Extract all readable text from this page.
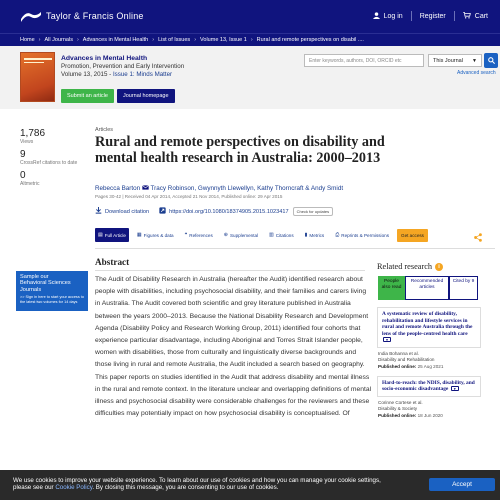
Taylor & Francis Online	Log in Register	Cart
Home › All Journals › Advances in Mental Health › List of Issues › Volume 13, Issue 1 › Rural and remote perspectives on disabil ....
Advances in Mental Health
Promotion, Prevention and Early Intervention
Volume 13, 2015 - Issue 1: Minds Matter
Submit an article	Journal homepage
Enter keywords, authors, DOI, ORCID etc	This Journal ▼
Advanced search
1,786
Views
9
CrossRef citations to date
0
Altmetric
Articles
Rural and remote perspectives on disability and mental health research in Australia: 2000–2013
Rebecca Barton Tracy Robinson, Gwynnyth Llewellyn, Kathy Thorncraft & Andy Smidt
Pages 30-42 | Received 04 Apr 2014, Accepted 21 Nov 2014, Published online: 29 Apr 2015
Download citation	https://doi.org/10.1080/18374905.2015.1023417	Check for updates
▤ Full Article ▦ Figures & data ❝ References ⊕ Supplemental ▥ Citations ▮ Metrics ⎙ Reprints & Permissions	Get access
Sample our
Behavioral Sciences
Journals
>> Sign in here to start your access to the latest two volumes for 14 days
Abstract

The Audit of Disability Research in Australia (hereafter the Audit) identified research about people with disabilities, including psychosocial disability, and their families and carers living in Australia. The Audit covered both scientific and grey literature published in Australia between the years 2000–2013. Because the National Disability Research and Development Agenda (Disability Policy and Research Working Group, 2011) identified four cohorts that experience particular disadvantage, including Aboriginal and Torres Strait Islander people, women with disabilities, those from culturally and linguistically diverse backgrounds and those living in rural and remote Australia, the Audit included a search based on geography. This paper reports on studies identified in the Audit that address disability and mental illness in the rural and remote context. In the literature unclear and overlapping definitions of mental illness and psychosocial disability were considerable challenges for the reviewers and these difficulties may potentially impact on how psychosocial disability is conceptualised. Of

Related research	i
People also read
Recommended articles
Cited by 9
A systematic review of disability, rehabilitation and lifestyle services in rural and remote Australia through the lens of the people-centred health care ▾
India Bohanna et al.
Disability and Rehabilitation
Published online: 25 Aug 2021
Hard-to-reach: the NDIS, disability, and socio-economic disadvantage ▾
Corinne Cortese et al.
Disability & Society
Published online: 18 Jun 2020
We use cookies to improve your website experience. To learn about our use of cookies and how you can manage your cookie settings,
please see our Cookie Policy. By closing this message, you are consenting to our use of cookies.	Accept
